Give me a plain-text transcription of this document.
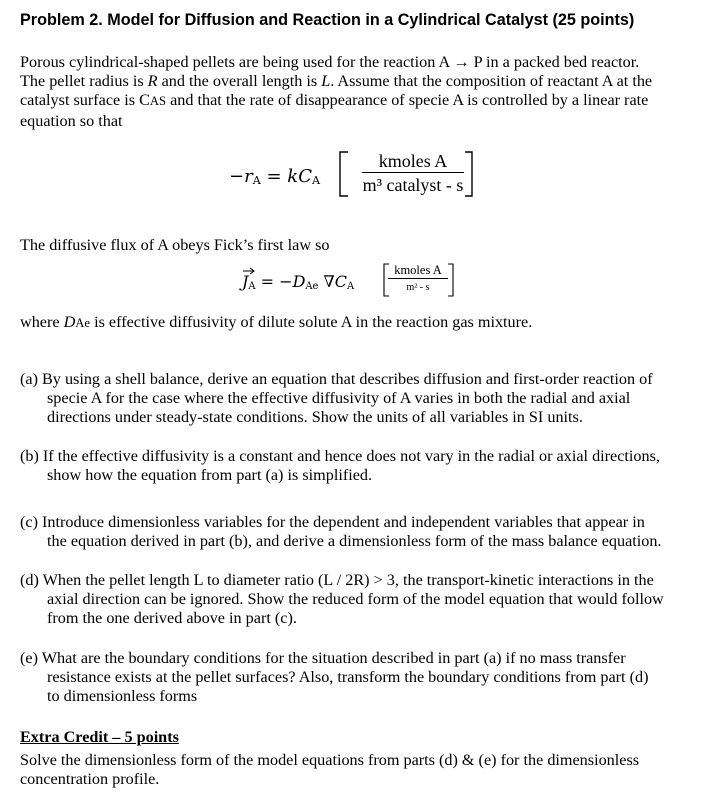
Problem 2. Model for Diffusion and Reaction in a Cylindrical Catalyst (25 points)
Porous cylindrical-shaped pellets are being used for the reaction A → P in a packed bed reactor.
The pellet radius is R and the overall length is L. Assume that the composition of reactant A at the
catalyst surface is CAS and that the rate of disappearance of specie A is controlled by a linear rate
equation so that
−rA = kCA
kmoles A
m³ catalyst - s
The diffusive flux of A obeys Fick’s first law so
J
A = −DAe ∇CA
kmoles A
m² - s
where DAe is effective diffusivity of dilute solute A in the reaction gas mixture.
(a) By using a shell balance, derive an equation that describes diffusion and first-order reaction of
specie A for the case where the effective diffusivity of A varies in both the radial and axial
directions under steady-state conditions. Show the units of all variables in SI units.
(b) If the effective diffusivity is a constant and hence does not vary in the radial or axial directions,
show how the equation from part (a) is simplified.
(c) Introduce dimensionless variables for the dependent and independent variables that appear in
the equation derived in part (b), and derive a dimensionless form of the mass balance equation.
(d) When the pellet length L to diameter ratio (L / 2R) > 3, the transport-kinetic interactions in the
axial direction can be ignored. Show the reduced form of the model equation that would follow
from the one derived above in part (c).
(e) What are the boundary conditions for the situation described in part (a) if no mass transfer
resistance exists at the pellet surfaces? Also, transform the boundary conditions from part (d)
to dimensionless forms
Extra Credit – 5 points
Solve the dimensionless form of the model equations from parts (d) & (e) for the dimensionless
concentration profile.
